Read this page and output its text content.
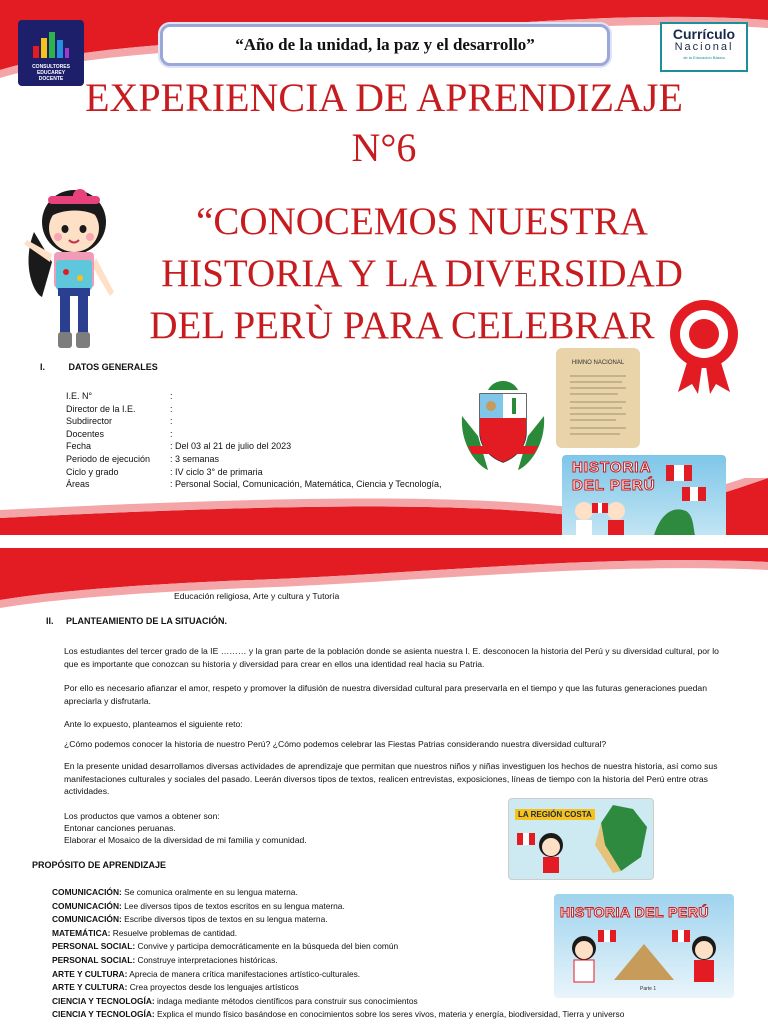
CONSULTORES
EDUCAREY
DOCENTE
“Año de la unidad, la paz y el desarrollo”
Currículo
Nacional
de la Educación Básica
EXPERIENCIA DE APRENDIZAJE
N°6
“CONOCEMOS NUESTRA
HISTORIA Y LA DIVERSIDAD
DEL PERÙ PARA CELEBRAR
I.	DATOS GENERALES
I.E. N°	:
Director de la I.E.	:
Subdirector	:
Docentes	:
Fecha	: Del 03 al 21 de julio del 2023
Periodo de ejecución	: 3 semanas
Ciclo y grado	: IV ciclo 3° de primaria
Áreas	: Personal Social, Comunicación, Matemática, Ciencia y Tecnología,
HIMNO NACIONAL
HISTORIA
DEL PERÚ
Educación religiosa, Arte y cultura y Tutoría
II. PLANTEAMIENTO DE LA SITUACIÓN.
Los estudiantes del tercer grado de la IE ……… y la gran parte de la población donde se asienta nuestra I. E. desconocen la historia del Perú y su diversidad cultural, por lo que es importante que conozcan su historia y diversidad para crear en ellos una identidad real hacia su Patria.
Por ello es necesario afianzar el amor, respeto y promover la difusión de nuestra diversidad cultural para preservarla en el tiempo y que las futuras generaciones puedan apreciarla y disfrutarla.
Ante lo expuesto, planteamos el siguiente reto:
¿Cómo podemos conocer la historia de nuestro Perú? ¿Cómo podemos celebrar las Fiestas Patrias considerando nuestra diversidad cultural?
En la presente unidad desarrollamos diversas actividades de aprendizaje que permitan que nuestros niños y niñas investiguen los hechos de nuestra historia, así como sus manifestaciones culturales y sociales del pasado. Leerán diversos tipos de textos, realicen entrevistas, exposiciones, líneas de tiempo con la historia del Perú entre otras actividades.
Los productos que vamos a obtener son:
Entonar canciones peruanas.
Elaborar el Mosaico de la diversidad de mi familia y comunidad.
LA REGIÓN COSTA
PROPÓSITO DE APRENDIZAJE
HISTORIA DEL PERÚ
Parte 1
COMUNICACIÓN: Se comunica oralmente en su lengua materna.
COMUNICACIÓN: Lee diversos tipos de textos escritos en su lengua materna.
COMUNICACIÓN: Escribe diversos tipos de textos en su lengua materna.
MATEMÁTICA: Resuelve problemas de cantidad.
PERSONAL SOCIAL: Convive y participa democráticamente en la búsqueda del bien común
PERSONAL SOCIAL: Construye interpretaciones históricas.
ARTE Y CULTURA: Aprecia de manera crítica manifestaciones artístico-culturales.
ARTE Y CULTURA: Crea proyectos desde los lenguajes artísticos
CIENCIA Y TECNOLOGÍA: indaga mediante métodos científicos para construir sus conocimientos
CIENCIA Y TECNOLOGÍA: Explica el mundo físico basándose en conocimientos sobre los seres vivos, materia y energía, biodiversidad, Tierra y universo
